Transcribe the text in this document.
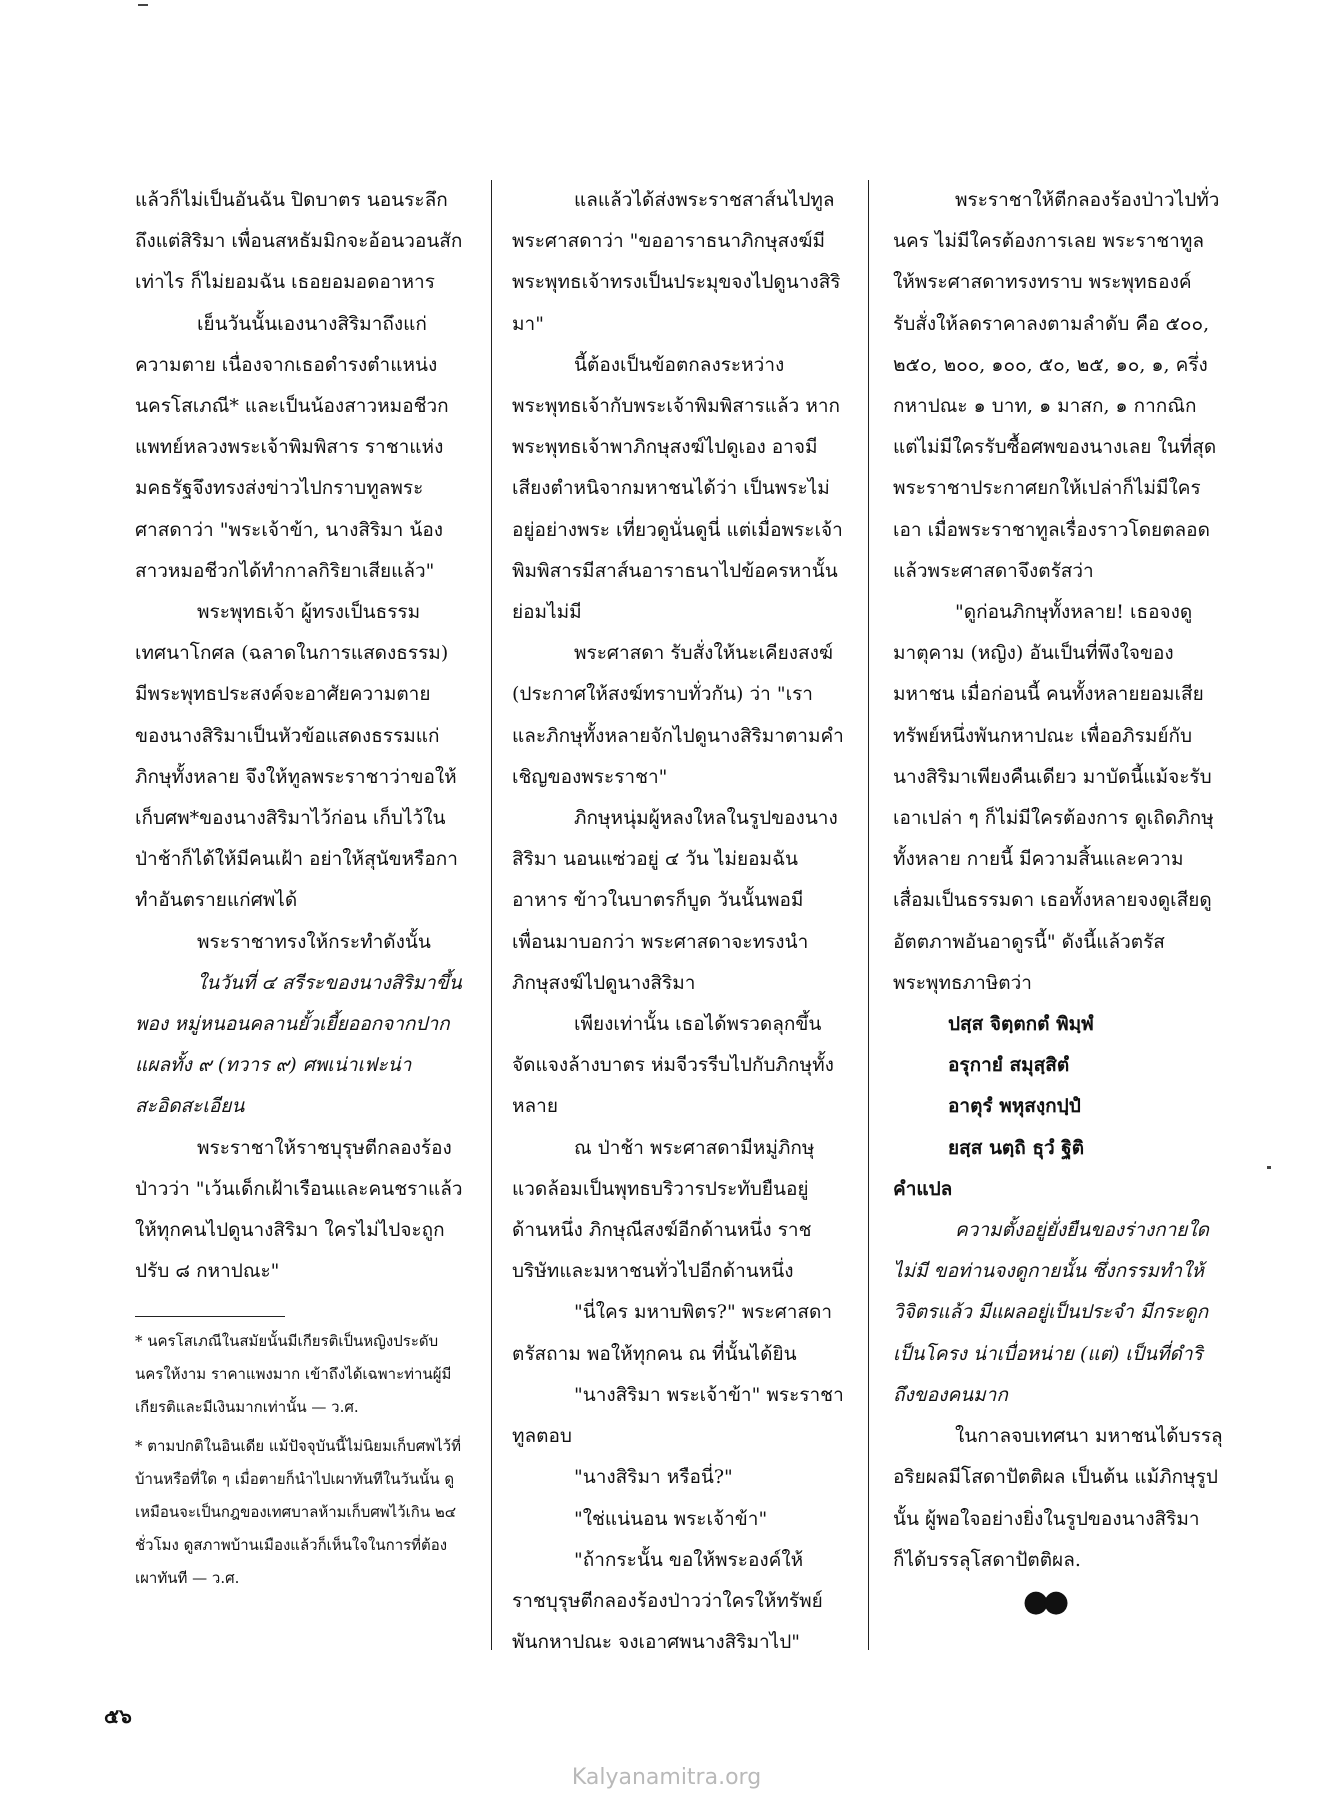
แล้วก็ไม่เป็นอันฉัน ปิดบาตร นอนระลึกถึงแต่สิริมา เพื่อนสหธัมมิกจะอ้อนวอนสักเท่าไร ก็ไม่ยอมฉัน เธอยอมอดอาหาร

เย็นวันนั้นเองนางสิริมาถึงแก่ความตาย เนื่องจากเธอดำรงตำแหน่งนครโสเภณี* และเป็นน้องสาวหมอชีวกแพทย์หลวงพระเจ้าพิมพิสาร ราชาแห่งมคธรัฐจึงทรงส่งข่าวไปกราบทูลพระศาสดาว่า "พระเจ้าข้า, นางสิริมา น้องสาวหมอชีวกได้ทำกาลกิริยาเสียแล้ว"

พระพุทธเจ้า ผู้ทรงเป็นธรรมเทศนาโกศล (ฉลาดในการแสดงธรรม) มีพระพุทธประสงค์จะอาศัยความตายของนางสิริมาเป็นหัวข้อแสดงธรรมแก่ภิกษุทั้งหลาย จึงให้ทูลพระราชาว่าขอให้เก็บศพ*ของนางสิริมาไว้ก่อน เก็บไว้ในป่าช้าก็ได้ให้มีคนเฝ้า อย่าให้สุนัขหรือกาทำอันตรายแก่ศพได้

พระราชาทรงให้กระทำดังนั้น

ในวันที่ ๔ สรีระของนางสิริมาขึ้นพอง หมู่หนอนคลานยั้วเยี้ยออกจากปากแผลทั้ง ๙ (ทวาร ๙) ศพเน่าเฟะน่าสะอิดสะเอียน

พระราชาให้ราชบุรุษตีกลองร้องป่าวว่า "เว้นเด็กเฝ้าเรือนและคนชราแล้ว ให้ทุกคนไปดูนางสิริมา ใครไม่ไปจะถูกปรับ ๘ กหาปณะ"

* นครโสเภณีในสมัยนั้นมีเกียรติเป็นหญิงประดับนครให้งาม ราคาแพงมาก เข้าถึงได้เฉพาะท่านผู้มีเกียรติและมีเงินมากเท่านั้น — ว.ศ.

* ตามปกติในอินเดีย แม้ปัจจุบันนี้ไม่นิยมเก็บศพไว้ที่บ้านหรือที่ใด ๆ เมื่อตายก็นำไปเผาทันทีในวันนั้น ดูเหมือนจะเป็นกฎของเทศบาลห้ามเก็บศพไว้เกิน ๒๔ ชั่วโมง ดูสภาพบ้านเมืองแล้วก็เห็นใจในการที่ต้องเผาทันที — ว.ศ.

แลแล้วได้ส่งพระราชสาส์นไปทูลพระศาสดาว่า "ขออาราธนาภิกษุสงฆ์มีพระพุทธเจ้าทรงเป็นประมุขจงไปดูนางสิริมา"

นี้ต้องเป็นข้อตกลงระหว่างพระพุทธเจ้ากับพระเจ้าพิมพิสารแล้ว หากพระพุทธเจ้าพาภิกษุสงฆ์ไปดูเอง อาจมีเสียงตำหนิจากมหาชนได้ว่า เป็นพระไม่อยู่อย่างพระ เที่ยวดูนั่นดูนี่ แต่เมื่อพระเจ้าพิมพิสารมีสาส์นอาราธนาไปข้อครหานั้นย่อมไม่มี

พระศาสดา รับสั่งให้นะเคียงสงฆ์ (ประกาศให้สงฆ์ทราบทั่วกัน) ว่า "เราและภิกษุทั้งหลายจักไปดูนางสิริมาตามคำเชิญของพระราชา"

ภิกษุหนุ่มผู้หลงใหลในรูปของนางสิริมา นอนแซ่วอยู่ ๔ วัน ไม่ยอมฉันอาหาร ข้าวในบาตรก็บูด วันนั้นพอมีเพื่อนมาบอกว่า พระศาสดาจะทรงนำภิกษุสงฆ์ไปดูนางสิริมา

เพียงเท่านั้น เธอได้พรวดลุกขึ้นจัดแจงล้างบาตร ห่มจีวรรีบไปกับภิกษุทั้งหลาย

ณ ป่าช้า พระศาสดามีหมู่ภิกษุแวดล้อมเป็นพุทธบริวารประทับยืนอยู่ด้านหนึ่ง ภิกษุณีสงฆ์อีกด้านหนึ่ง ราชบริษัทและมหาชนทั่วไปอีกด้านหนึ่ง

"นี่ใคร มหาบพิตร?" พระศาสดาตรัสถาม พอให้ทุกคน ณ ที่นั้นได้ยิน

"นางสิริมา พระเจ้าข้า" พระราชาทูลตอบ

"นางสิริมา หรือนี่?"

"ใช่แน่นอน พระเจ้าข้า"

"ถ้ากระนั้น ขอให้พระองค์ให้ราชบุรุษตีกลองร้องป่าวว่าใครให้ทรัพย์พันกหาปณะ จงเอาศพนางสิริมาไป"

พระราชาให้ตีกลองร้องป่าวไปทั่วนคร ไม่มีใครต้องการเลย พระราชาทูลให้พระศาสดาทรงทราบ พระพุทธองค์รับสั่งให้ลดราคาลงตามลำดับ คือ ๕๐๐, ๒๕๐, ๒๐๐, ๑๐๐, ๕๐, ๒๕, ๑๐, ๑, ครึ่งกหาปณะ ๑ บาท, ๑ มาสก, ๑ กากณิก แต่ไม่มีใครรับซื้อศพของนางเลย ในที่สุด พระราชาประกาศยกให้เปล่าก็ไม่มีใครเอา เมื่อพระราชาทูลเรื่องราวโดยตลอดแล้วพระศาสดาจึงตรัสว่า

"ดูก่อนภิกษุทั้งหลาย! เธอจงดูมาตุคาม (หญิง) อันเป็นที่พึงใจของมหาชน เมื่อก่อนนี้ คนทั้งหลายยอมเสียทรัพย์หนึ่งพันกหาปณะ เพื่ออภิรมย์กับนางสิริมาเพียงคืนเดียว มาบัดนี้แม้จะรับเอาเปล่า ๆ ก็ไม่มีใครต้องการ ดูเถิดภิกษุทั้งหลาย กายนี้ มีความสิ้นและความเสื่อมเป็นธรรมดา เธอทั้งหลายจงดูเสียดูอัตตภาพอันอาดูรนี้" ดังนี้แล้วตรัสพระพุทธภาษิตว่า

ปสฺส จิตฺตกตํ พิมฺพํ

อรุกายํ สมุสฺสิตํ

อาตุรํ พหุสงฺกปฺปํ

ยสฺส นตฺถิ ธุวํ ฐิติ

คำแปล

ความตั้งอยู่ยั่งยืนของร่างกายใดไม่มี ขอท่านจงดูกายนั้น ซึ่งกรรมทำให้วิจิตรแล้ว มีแผลอยู่เป็นประจำ มีกระดูกเป็นโครง น่าเบื่อหน่าย (แต่) เป็นที่ดำริถึงของคนมาก

ในกาลจบเทศนา มหาชนได้บรรลุอริยผลมีโสดาปัตติผล เป็นต้น แม้ภิกษุรูปนั้น ผู้พอใจอย่างยิ่งในรูปของนางสิริมาก็ได้บรรลุโสดาปัตติผล.

●●

๕๖
Kalyanamitra.org
